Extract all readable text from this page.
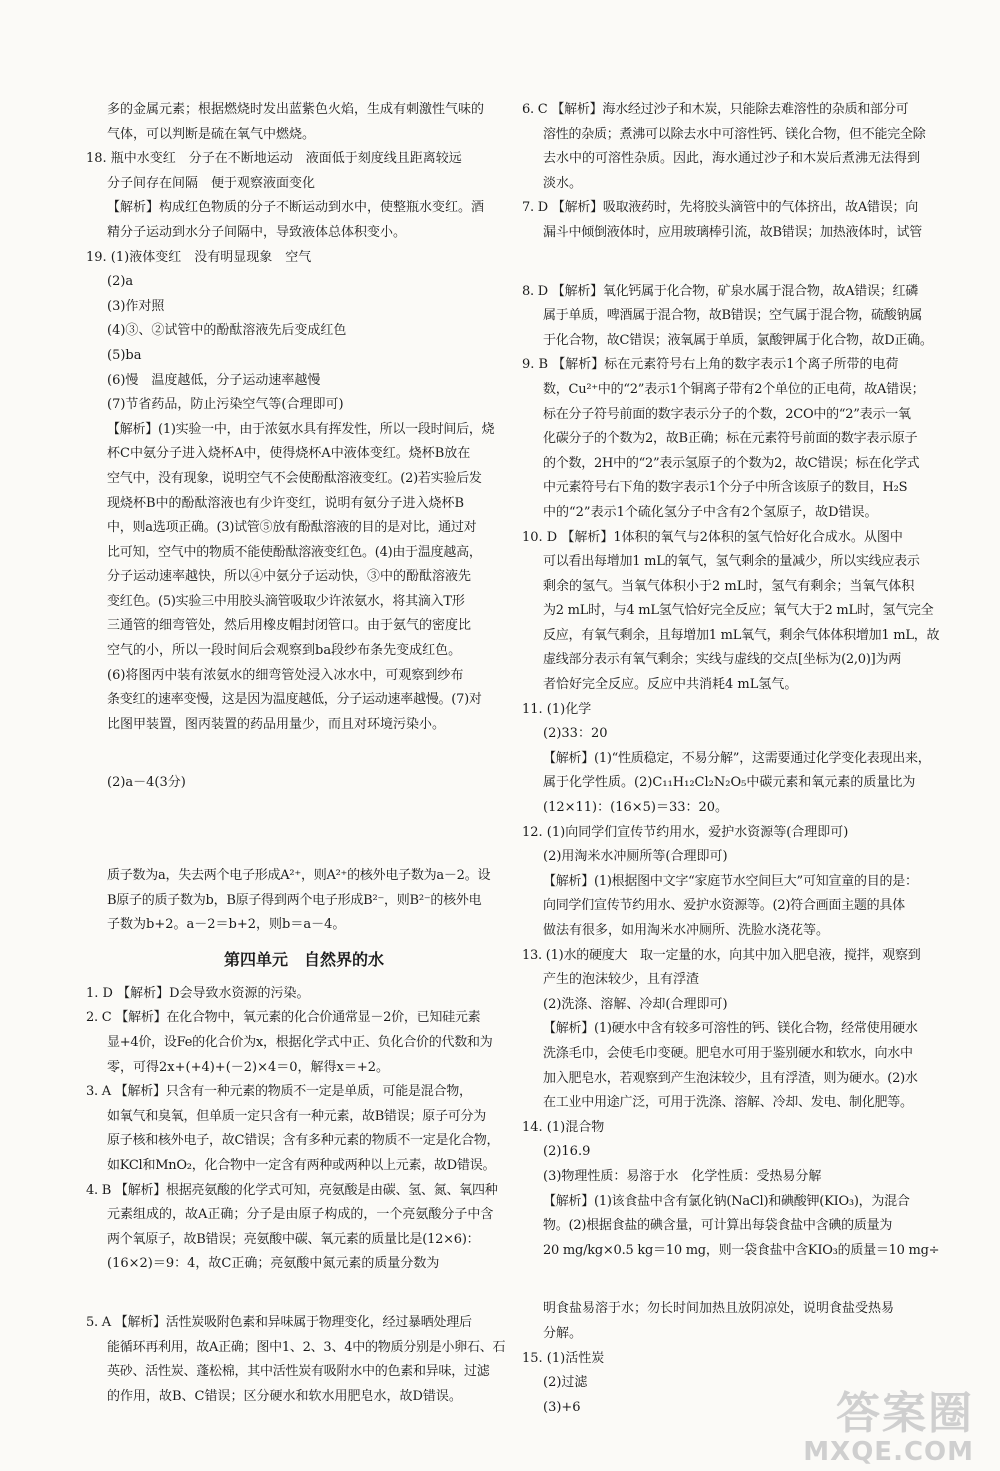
多的金属元素；根据燃烧时发出蓝紫色火焰，生成有刺激性气味的
气体，可以判断是硫在氧气中燃烧。
18. 瓶中水变红　分子在不断地运动　液面低于刻度线且距离较远
分子间存在间隔　便于观察液面变化
【解析】构成红色物质的分子不断运动到水中，使整瓶水变红。酒
精分子运动到水分子间隔中，导致液体总体积变小。
19. (1)液体变红　没有明显现象　空气
(2)a
(3)作对照
(4)③、②试管中的酚酞溶液先后变成红色
(5)ba
(6)慢　温度越低，分子运动速率越慢
(7)节省药品，防止污染空气等(合理即可)
【解析】(1)实验一中，由于浓氨水具有挥发性，所以一段时间后，烧
杯C中氨分子进入烧杯A中，使得烧杯A中液体变红。烧杯B放在
空气中，没有现象，说明空气不会使酚酞溶液变红。(2)若实验后发
现烧杯B中的酚酞溶液也有少许变红，说明有氨分子进入烧杯B
中，则a选项正确。(3)试管⑤放有酚酞溶液的目的是对比，通过对
比可知，空气中的物质不能使酚酞溶液变红色。(4)由于温度越高，
分子运动速率越快，所以④中氨分子运动快，③中的酚酞溶液先
变红色。(5)实验三中用胶头滴管吸取少许浓氨水，将其滴入T形
三通管的细弯管处，然后用橡皮帽封闭管口。由于氨气的密度比
空气的小，所以一段时间后会观察到ba段纱布条先变成红色。
(6)将图丙中装有浓氨水的细弯管处浸入冰水中，可观察到纱布
条变红的速率变慢，这是因为温度越低，分子运动速率越慢。(7)对
比图甲装置，图丙装置的药品用量少，而且对环境污染小。

(2)a－4(3分)

质子数为a，失去两个电子形成A²⁺，则A²⁺的核外电子数为a－2。设
B原子的质子数为b，B原子得到两个电子形成B²⁻，则B²⁻的核外电
子数为b+2。a－2＝b+2，则b＝a－4。
第四单元　自然界的水
1. D 【解析】D会导致水资源的污染。
2. C 【解析】在化合物中，氧元素的化合价通常显－2价，已知硅元素
显+4价，设Fe的化合价为x，根据化学式中正、负化合价的代数和为
零，可得2x+(+4)+(－2)×4＝0，解得x＝+2。
3. A 【解析】只含有一种元素的物质不一定是单质，可能是混合物，
如氧气和臭氧，但单质一定只含有一种元素，故B错误；原子可分为
原子核和核外电子，故C错误；含有多种元素的物质不一定是化合物，
如KCl和MnO₂，化合物中一定含有两种或两种以上元素，故D错误。
4. B 【解析】根据亮氨酸的化学式可知，亮氨酸是由碳、氢、氮、氧四种
元素组成的，故A正确；分子是由原子构成的，一个亮氨酸分子中含
两个氧原子，故B错误；亮氨酸中碳、氧元素的质量比是(12×6)：
(16×2)＝9：4，故C正确；亮氨酸中氮元素的质量分数为

5. A 【解析】活性炭吸附色素和异味属于物理变化，经过暴晒处理后
能循环再利用，故A正确；图中1、2、3、4中的物质分别是小卵石、石
英砂、活性炭、蓬松棉，其中活性炭有吸附水中的色素和异味，过滤
的作用，故B、C错误；区分硬水和软水用肥皂水，故D错误。
6. C 【解析】海水经过沙子和木炭，只能除去难溶性的杂质和部分可
溶性的杂质；煮沸可以除去水中可溶性钙、镁化合物，但不能完全除
去水中的可溶性杂质。因此，海水通过沙子和木炭后煮沸无法得到
淡水。
7. D 【解析】吸取液药时，先将胶头滴管中的气体挤出，故A错误；向
漏斗中倾倒液体时，应用玻璃棒引流，故B错误；加热液体时，试管

8. D 【解析】氧化钙属于化合物，矿泉水属于混合物，故A错误；红磷
属于单质，啤酒属于混合物，故B错误；空气属于混合物，硫酸钠属
于化合物，故C错误；液氧属于单质，氯酸钾属于化合物，故D正确。
9. B 【解析】标在元素符号右上角的数字表示1个离子所带的电荷
数，Cu²⁺中的“2”表示1个铜离子带有2个单位的正电荷，故A错误；
标在分子符号前面的数字表示分子的个数，2CO中的“2”表示一氧
化碳分子的个数为2，故B正确；标在元素符号前面的数字表示原子
的个数，2H中的“2”表示氢原子的个数为2，故C错误；标在化学式
中元素符号右下角的数字表示1个分子中所含该原子的数目，H₂S
中的“2”表示1个硫化氢分子中含有2个氢原子，故D错误。
10. D 【解析】1体积的氧气与2体积的氢气恰好化合成水。从图中
可以看出每增加1 mL的氧气，氢气剩余的量减少，所以实线应表示
剩余的氢气。当氧气体积小于2 mL时，氢气有剩余；当氧气体积
为2 mL时，与4 mL氢气恰好完全反应；氧气大于2 mL时，氢气完全
反应，有氧气剩余，且每增加1 mL氧气，剩余气体体积增加1 mL，故
虚线部分表示有氧气剩余；实线与虚线的交点[坐标为(2,0)]为两
者恰好完全反应。反应中共消耗4 mL氢气。
11. (1)化学
(2)33：20
【解析】(1)“性质稳定，不易分解”，这需要通过化学变化表现出来，
属于化学性质。(2)C₁₁H₁₂Cl₂N₂O₅中碳元素和氧元素的质量比为
(12×11)：(16×5)＝33：20。
12. (1)向同学们宣传节约用水，爱护水资源等(合理即可)
(2)用淘米水冲厕所等(合理即可)
【解析】(1)根据图中文字“家庭节水空间巨大”可知宣童的目的是：
向同学们宣传节约用水、爱护水资源等。(2)符合画面主题的具体
做法有很多，如用淘米水冲厕所、洗脸水浇花等。
13. (1)水的硬度大　取一定量的水，向其中加入肥皂液，搅拌，观察到
产生的泡沫较少，且有浮渣
(2)洗涤、溶解、冷却(合理即可)
【解析】(1)硬水中含有较多可溶性的钙、镁化合物，经常使用硬水
洗涤毛巾，会使毛巾变硬。肥皂水可用于鉴别硬水和软水，向水中
加入肥皂水，若观察到产生泡沫较少，且有浮渣，则为硬水。(2)水
在工业中用途广泛，可用于洗涤、溶解、冷却、发电、制化肥等。
14. (1)混合物
(2)16.9
(3)物理性质：易溶于水　化学性质：受热易分解
【解析】(1)该食盐中含有氯化钠(NaCl)和碘酸钾(KIO₃)，为混合
物。(2)根据食盐的碘含量，可计算出每袋食盐中含碘的质量为
20 mg/kg×0.5 kg＝10 mg，则一袋食盐中含KIO₃的质量＝10 mg÷

明食盐易溶于水；勿长时间加热且放阴凉处，说明食盐受热易
分解。
15. (1)活性炭
(2)过滤
(3)+6	答案圈
MXQE.COM
